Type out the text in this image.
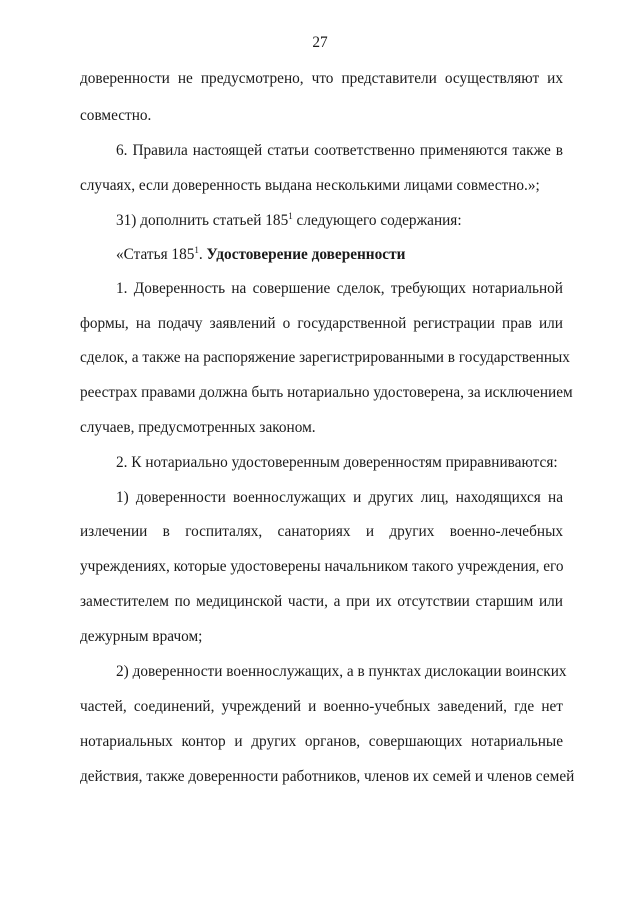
27
доверенности не предусмотрено, что представители осуществляют их
совместно.
6. Правила настоящей статьи соответственно применяются также в
случаях, если доверенность выдана несколькими лицами совместно.»;
31) дополнить статьей $185^1$ следующего содержания:
«Статья $185^1$. Удостоверение доверенности
1. Доверенность на совершение сделок, требующих нотариальной
формы, на подачу заявлений о государственной регистрации прав или
сделок, а также на распоряжение зарегистрированными в государственных
реестрах правами должна быть нотариально удостоверена, за исключением
случаев, предусмотренных законом.
2. К нотариально удостоверенным доверенностям приравниваются:
1) доверенности военнослужащих и других лиц, находящихся на
излечении в госпиталях, санаториях и других военно-лечебных
учреждениях, которые удостоверены начальником такого учреждения, его
заместителем по медицинской части, а при их отсутствии старшим или
дежурным врачом;
2) доверенности военнослужащих, а в пунктах дислокации воинских
частей, соединений, учреждений и военно-учебных заведений, где нет
нотариальных контор и других органов, совершающих нотариальные
действия, также доверенности работников, членов их семей и членов семей
